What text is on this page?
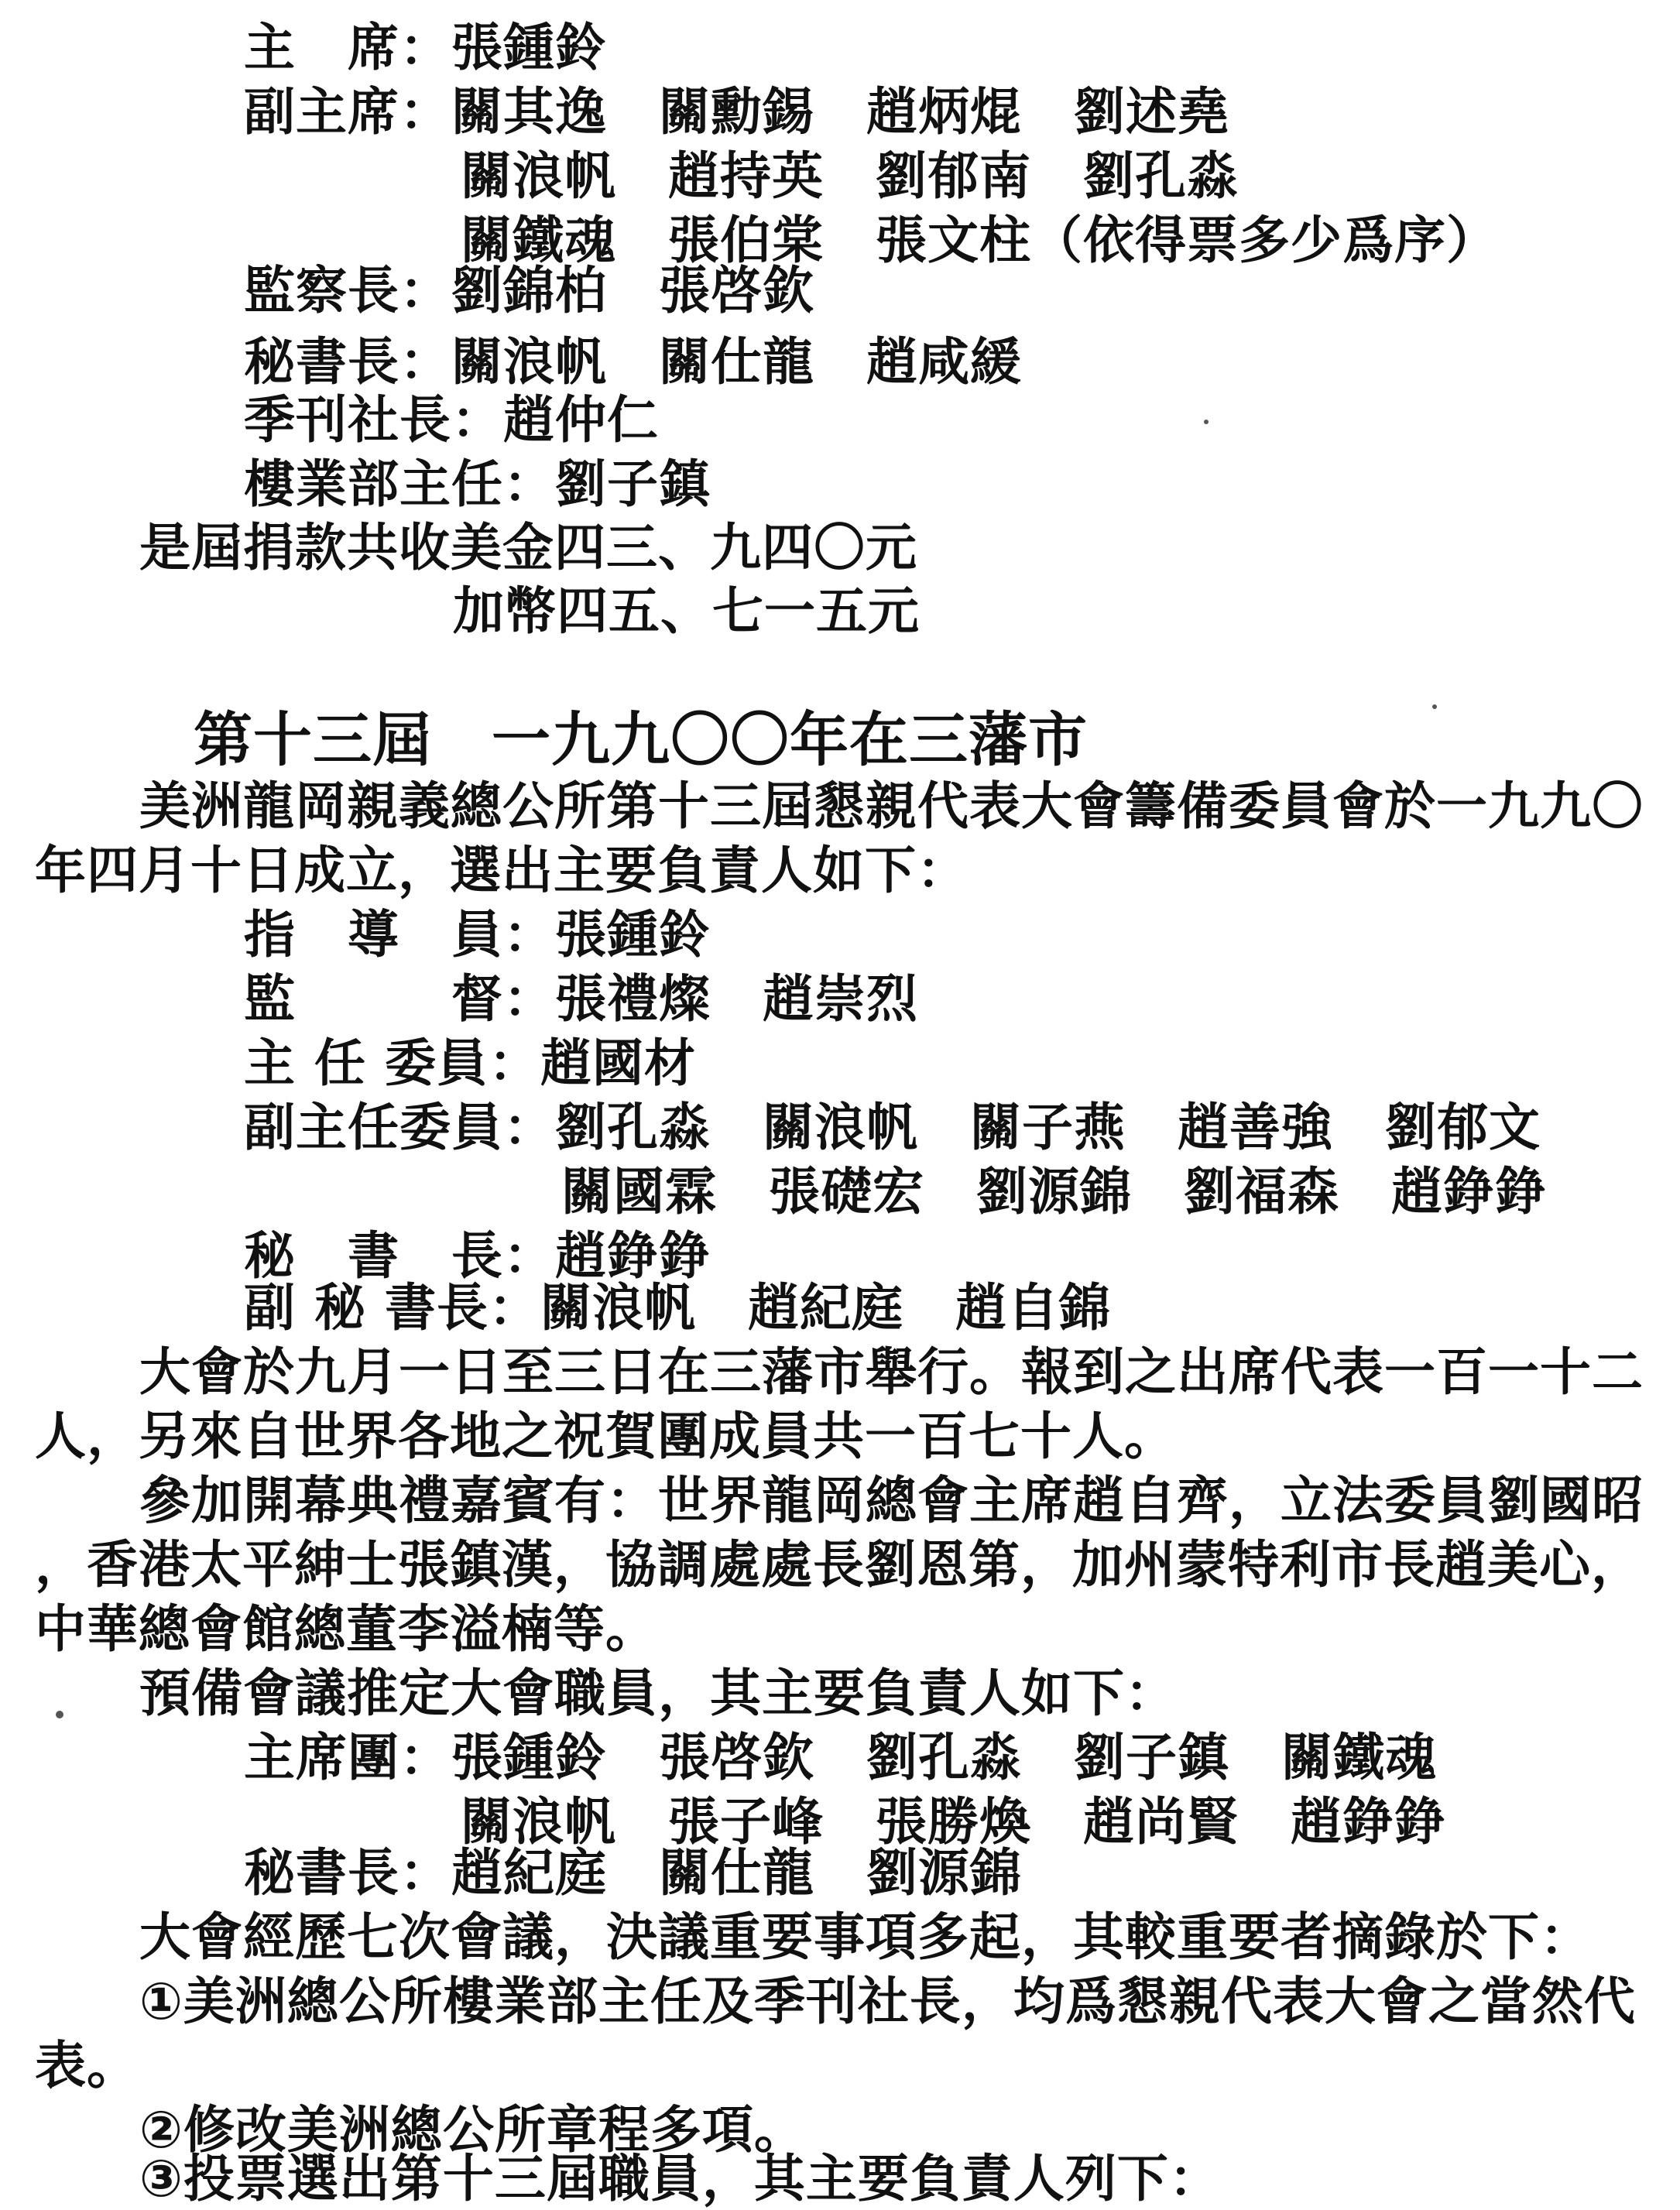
主　席：張鍾鈴
副主席：關其逸　關勳錫　趙炳焜　劉述堯
關浪帆　趙持英　劉郁南　劉孔淼
關鐵魂　張伯棠　張文柱（依得票多少爲序）
監察長：劉錦柏　張啓欽
秘書長：關浪帆　關仕龍　趙咸緩
季刊社長：趙仲仁
樓業部主任：劉子鎮
是屆捐款共收美金四三、九四〇元
加幣四五、七一五元
第十三屆　一九九〇〇年在三藩市
美洲龍岡親義總公所第十三屆懇親代表大會籌備委員會於一九九〇
年四月十日成立，選出主要負責人如下：
指　導　員：張鍾鈴
監　　　督：張禮燦　趙崇烈
主 任 委員：趙國材
副主任委員：劉孔淼　關浪帆　關子燕　趙善強　劉郁文
關國霖　張礎宏　劉源錦　劉福森　趙錚錚
秘　書　長：趙錚錚
副 秘 書長：關浪帆　趙紀庭　趙自錦
大會於九月一日至三日在三藩市舉行。報到之出席代表一百一十二
人，另來自世界各地之祝賀團成員共一百七十人。
參加開幕典禮嘉賓有：世界龍岡總會主席趙自齊，立法委員劉國昭
，香港太平紳士張鎮漢，協調處處長劉恩第，加州蒙特利市長趙美心，
中華總會館總董李溢楠等。
預備會議推定大會職員，其主要負責人如下：
主席團：張鍾鈴　張啓欽　劉孔淼　劉子鎮　關鐵魂
關浪帆　張子峰　張勝煥　趙尚賢　趙錚錚
秘書長：趙紀庭　關仕龍　劉源錦
大會經歷七次會議，決議重要事項多起，其較重要者摘錄於下：
①美洲總公所樓業部主任及季刊社長，均爲懇親代表大會之當然代
表。
②修改美洲總公所章程多項。
③投票選出第十三屆職員，其主要負責人列下：
